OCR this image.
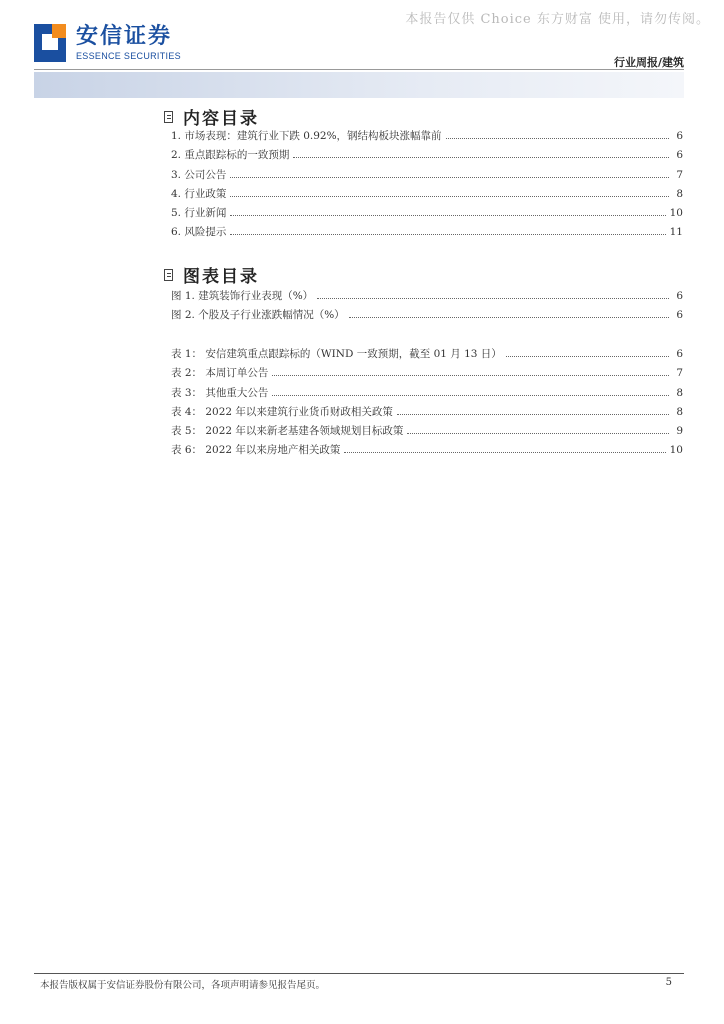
本报告仅供 Choice 东方财富 使用，请勿传阅。
安信证券
ESSENCE SECURITIES	行业周报/建筑
内容目录
1. 市场表现：建筑行业下跌 0.92%，钢结构板块涨幅靠前	6
2. 重点跟踪标的一致预期	6
3. 公司公告	7
4. 行业政策	8
5. 行业新闻	10
6. 风险提示	11
图表目录
图 1. 建筑装饰行业表现（%）	6
图 2. 个股及子行业涨跌幅情况（%）	6
表 1： 安信建筑重点跟踪标的（WIND 一致预期，截至 01 月 13 日）	6
表 2： 本周订单公告	7
表 3： 其他重大公告	8
表 4： 2022 年以来建筑行业货币财政相关政策	8
表 5： 2022 年以来新老基建各领域规划目标政策	9
表 6： 2022 年以来房地产相关政策	10
本报告版权属于安信证券股份有限公司，各项声明请参见报告尾页。	5
